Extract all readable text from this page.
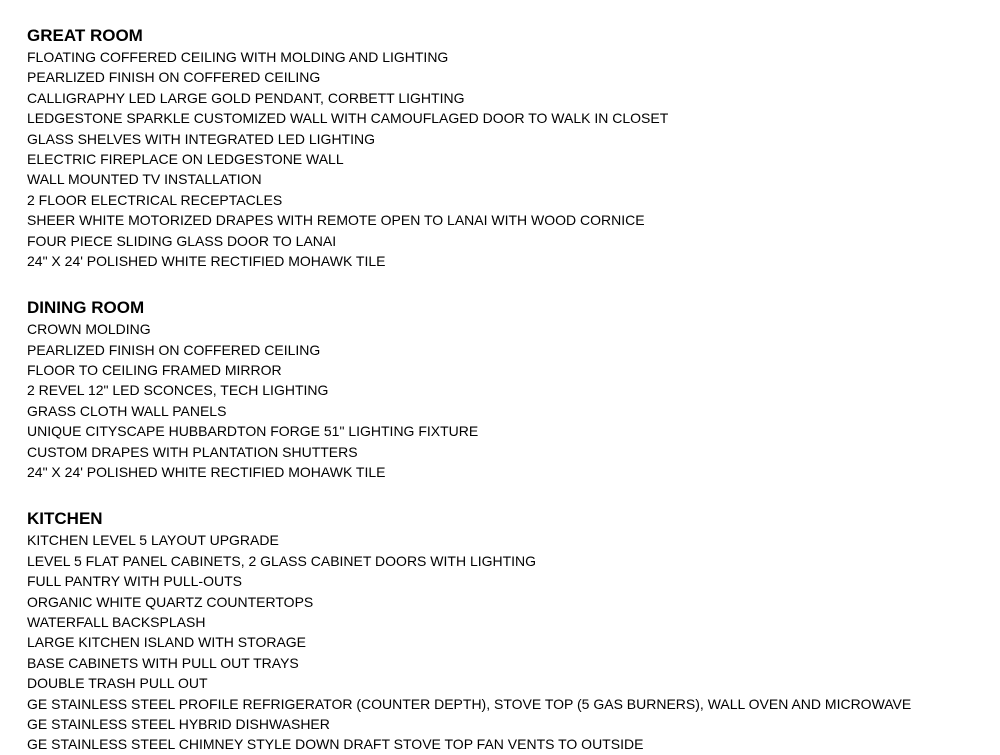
GREAT ROOM
FLOATING COFFERED CEILING WITH MOLDING AND LIGHTING
PEARLIZED FINISH ON COFFERED CEILING
CALLIGRAPHY LED LARGE GOLD PENDANT, CORBETT LIGHTING
LEDGESTONE SPARKLE CUSTOMIZED WALL WITH CAMOUFLAGED DOOR TO WALK IN CLOSET
GLASS SHELVES WITH INTEGRATED LED LIGHTING
ELECTRIC FIREPLACE ON LEDGESTONE WALL
WALL MOUNTED TV INSTALLATION
2 FLOOR ELECTRICAL RECEPTACLES
SHEER WHITE MOTORIZED DRAPES WITH REMOTE OPEN TO LANAI WITH WOOD CORNICE
FOUR PIECE SLIDING GLASS DOOR TO LANAI
24" X 24' POLISHED WHITE RECTIFIED MOHAWK TILE
DINING ROOM
CROWN MOLDING
PEARLIZED FINISH ON COFFERED CEILING
FLOOR TO CEILING FRAMED MIRROR
2 REVEL 12" LED SCONCES, TECH LIGHTING
GRASS CLOTH WALL PANELS
UNIQUE CITYSCAPE HUBBARDTON FORGE 51" LIGHTING FIXTURE
CUSTOM DRAPES WITH PLANTATION SHUTTERS
24" X 24' POLISHED WHITE RECTIFIED MOHAWK TILE
KITCHEN
KITCHEN LEVEL 5 LAYOUT UPGRADE
LEVEL 5 FLAT PANEL CABINETS, 2 GLASS CABINET DOORS WITH LIGHTING
FULL PANTRY WITH PULL-OUTS
ORGANIC WHITE QUARTZ COUNTERTOPS
WATERFALL BACKSPLASH
LARGE KITCHEN ISLAND WITH STORAGE
BASE CABINETS WITH PULL OUT TRAYS
DOUBLE TRASH PULL OUT
GE STAINLESS STEEL PROFILE REFRIGERATOR (COUNTER DEPTH), STOVE TOP (5 GAS BURNERS), WALL OVEN AND MICROWAVE
GE STAINLESS STEEL HYBRID DISHWASHER
GE STAINLESS STEEL CHIMNEY STYLE DOWN DRAFT STOVE TOP FAN VENTS TO OUTSIDE
